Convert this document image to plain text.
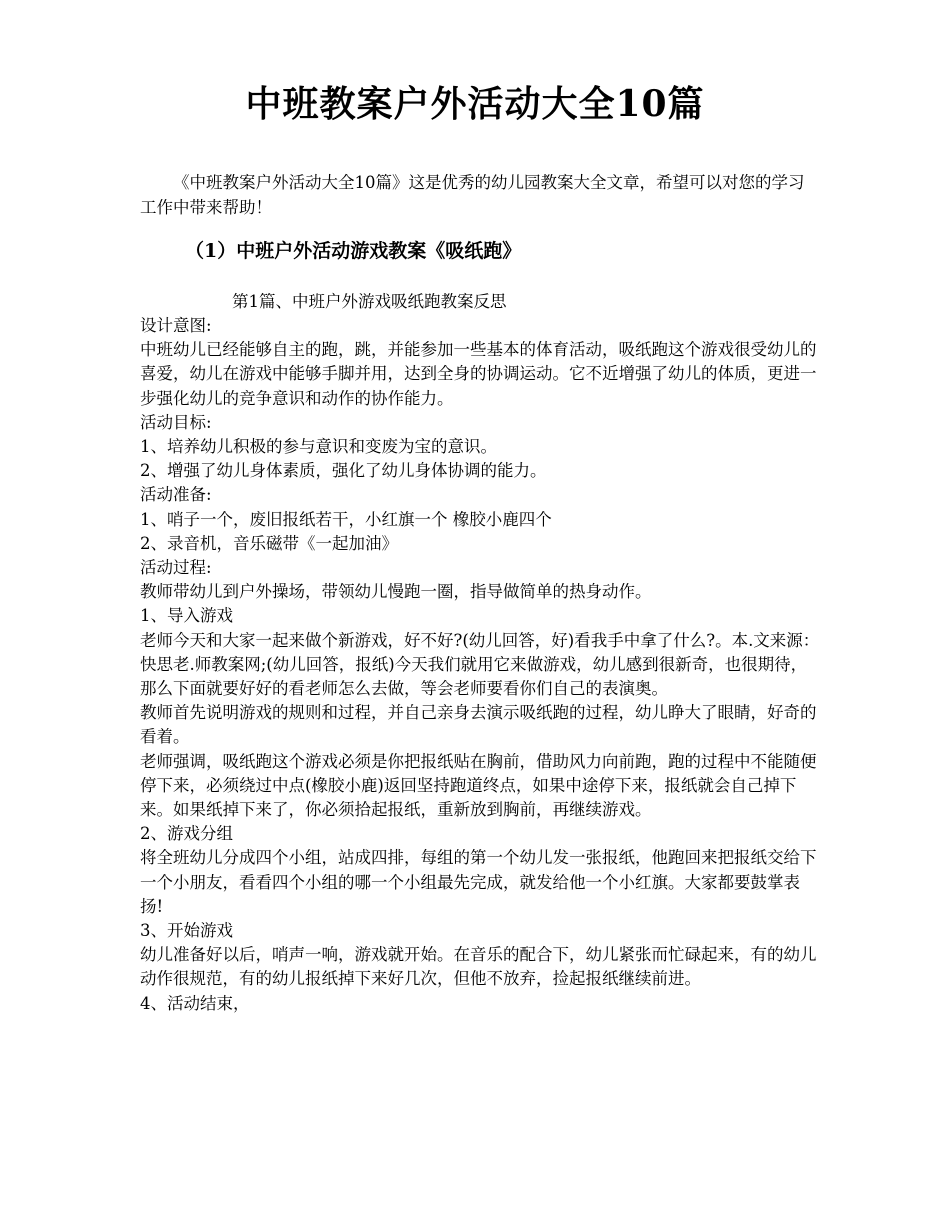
中班教案户外活动大全10篇

《中班教案户外活动大全10篇》这是优秀的幼儿园教案大全文章，希望可以对您的学习工作中带来帮助！

（1）中班户外活动游戏教案《吸纸跑》

第1篇、中班户外游戏吸纸跑教案反思

设计意图:

中班幼儿已经能够自主的跑，跳，并能参加一些基本的体育活动，吸纸跑这个游戏很受幼儿的喜爱，幼儿在游戏中能够手脚并用，达到全身的协调运动。它不近增强了幼儿的体质，更进一步强化幼儿的竞争意识和动作的协作能力。

活动目标:

1、培养幼儿积极的参与意识和变废为宝的意识。

2、增强了幼儿身体素质，强化了幼儿身体协调的能力。

活动准备:

1、哨子一个，废旧报纸若干，小红旗一个 橡胶小鹿四个

2、录音机，音乐磁带《一起加油》

活动过程:

教师带幼儿到户外操场，带领幼儿慢跑一圈，指导做简单的热身动作。

1、导入游戏

老师今天和大家一起来做个新游戏，好不好?(幼儿回答，好)看我手中拿了什么?。本.文来源：快思老.师教案网;(幼儿回答，报纸)今天我们就用它来做游戏，幼儿感到很新奇，也很期待，那么下面就要好好的看老师怎么去做，等会老师要看你们自己的表演奥。

教师首先说明游戏的规则和过程，并自己亲身去演示吸纸跑的过程，幼儿睁大了眼睛，好奇的看着。

老师强调，吸纸跑这个游戏必须是你把报纸贴在胸前，借助风力向前跑，跑的过程中不能随便停下来，必须绕过中点(橡胶小鹿)返回坚持跑道终点，如果中途停下来，报纸就会自己掉下来。如果纸掉下来了，你必须拾起报纸，重新放到胸前，再继续游戏。

2、游戏分组

将全班幼儿分成四个小组，站成四排，每组的第一个幼儿发一张报纸，他跑回来把报纸交给下一个小朋友，看看四个小组的哪一个小组最先完成，就发给他一个小红旗。大家都要鼓掌表扬!

3、开始游戏

幼儿准备好以后，哨声一响，游戏就开始。在音乐的配合下，幼儿紧张而忙碌起来，有的幼儿动作很规范，有的幼儿报纸掉下来好几次，但他不放弃，捡起报纸继续前进。

4、活动结束，
